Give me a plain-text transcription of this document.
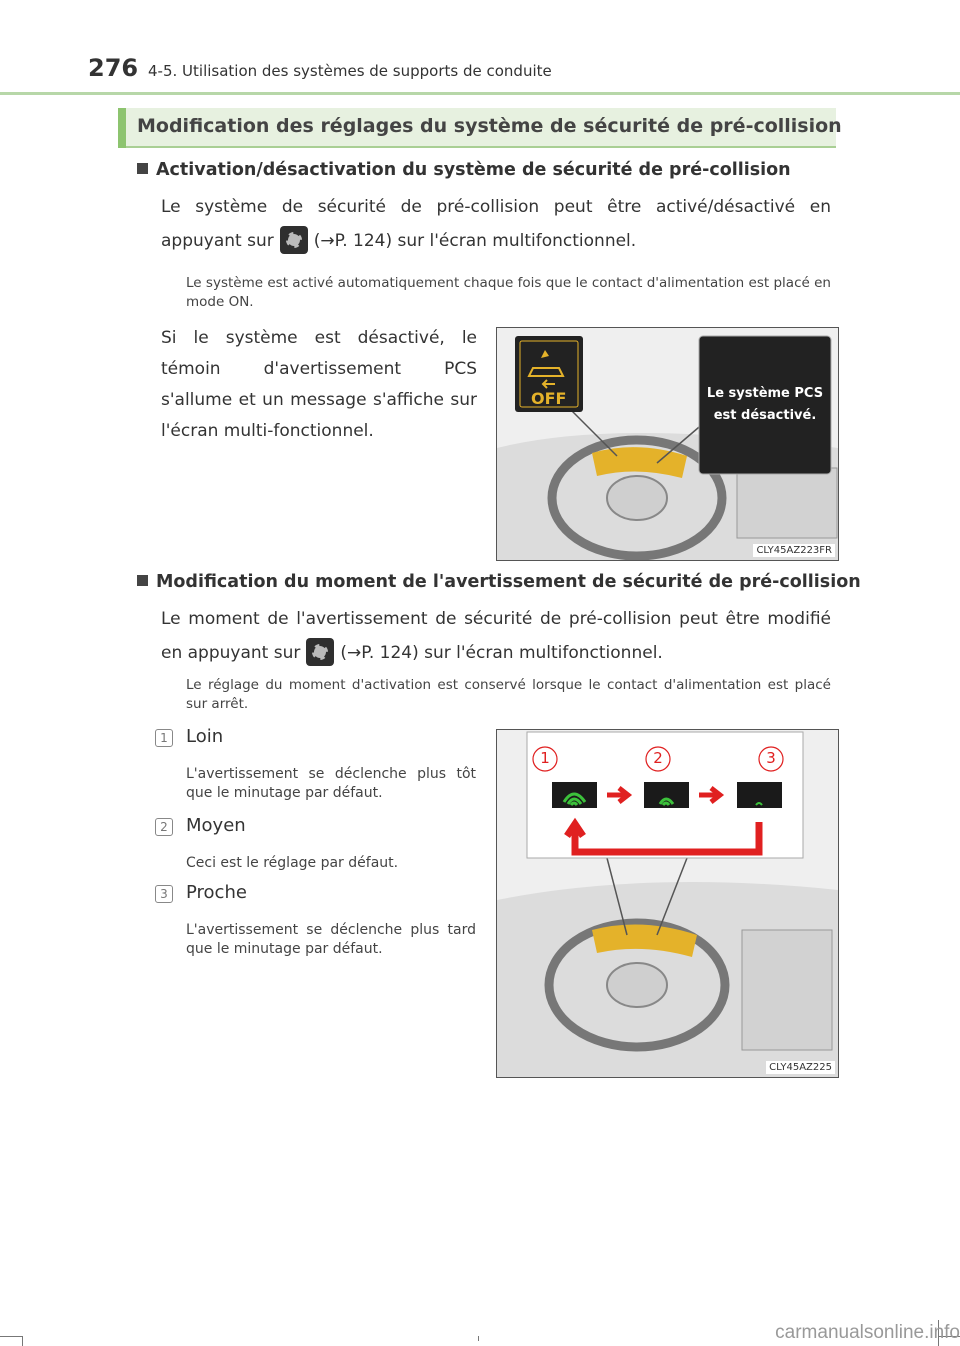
276 4-5. Utilisation des systèmes de supports de conduite
Modification des réglages du système de sécurité de pré-collision
Activation/désactivation du système de sécurité de pré-collision
Le système de sécurité de pré-collision peut être activé/désactivé en
appuyant sur (→P. 124) sur l'écran multifonctionnel.
Le système est activé automatiquement chaque fois que le contact d'alimentation est placé en mode ON.
Si le système est désactivé, le témoin d'avertissement PCS s'allume et un message s'affiche sur l'écran multi-fonctionnel.
OFF	Le système PCS
est désactivé.
CLY45AZ223FR
Modification du moment de l'avertissement de sécurité de pré-collision
Le moment de l'avertissement de sécurité de pré-collision peut être modifié
en appuyant sur (→P. 124) sur l'écran multifonctionnel.
Le réglage du moment d'activation est conservé lorsque le contact d'alimentation est placé sur arrêt.
1 Loin
L'avertissement se déclenche plus tôt que le minutage par défaut.
2 Moyen
Ceci est le réglage par défaut.
3 Proche
L'avertissement se déclenche plus tard que le minutage par défaut.
1	2	3
CLY45AZ225
carmanualsonline.info
